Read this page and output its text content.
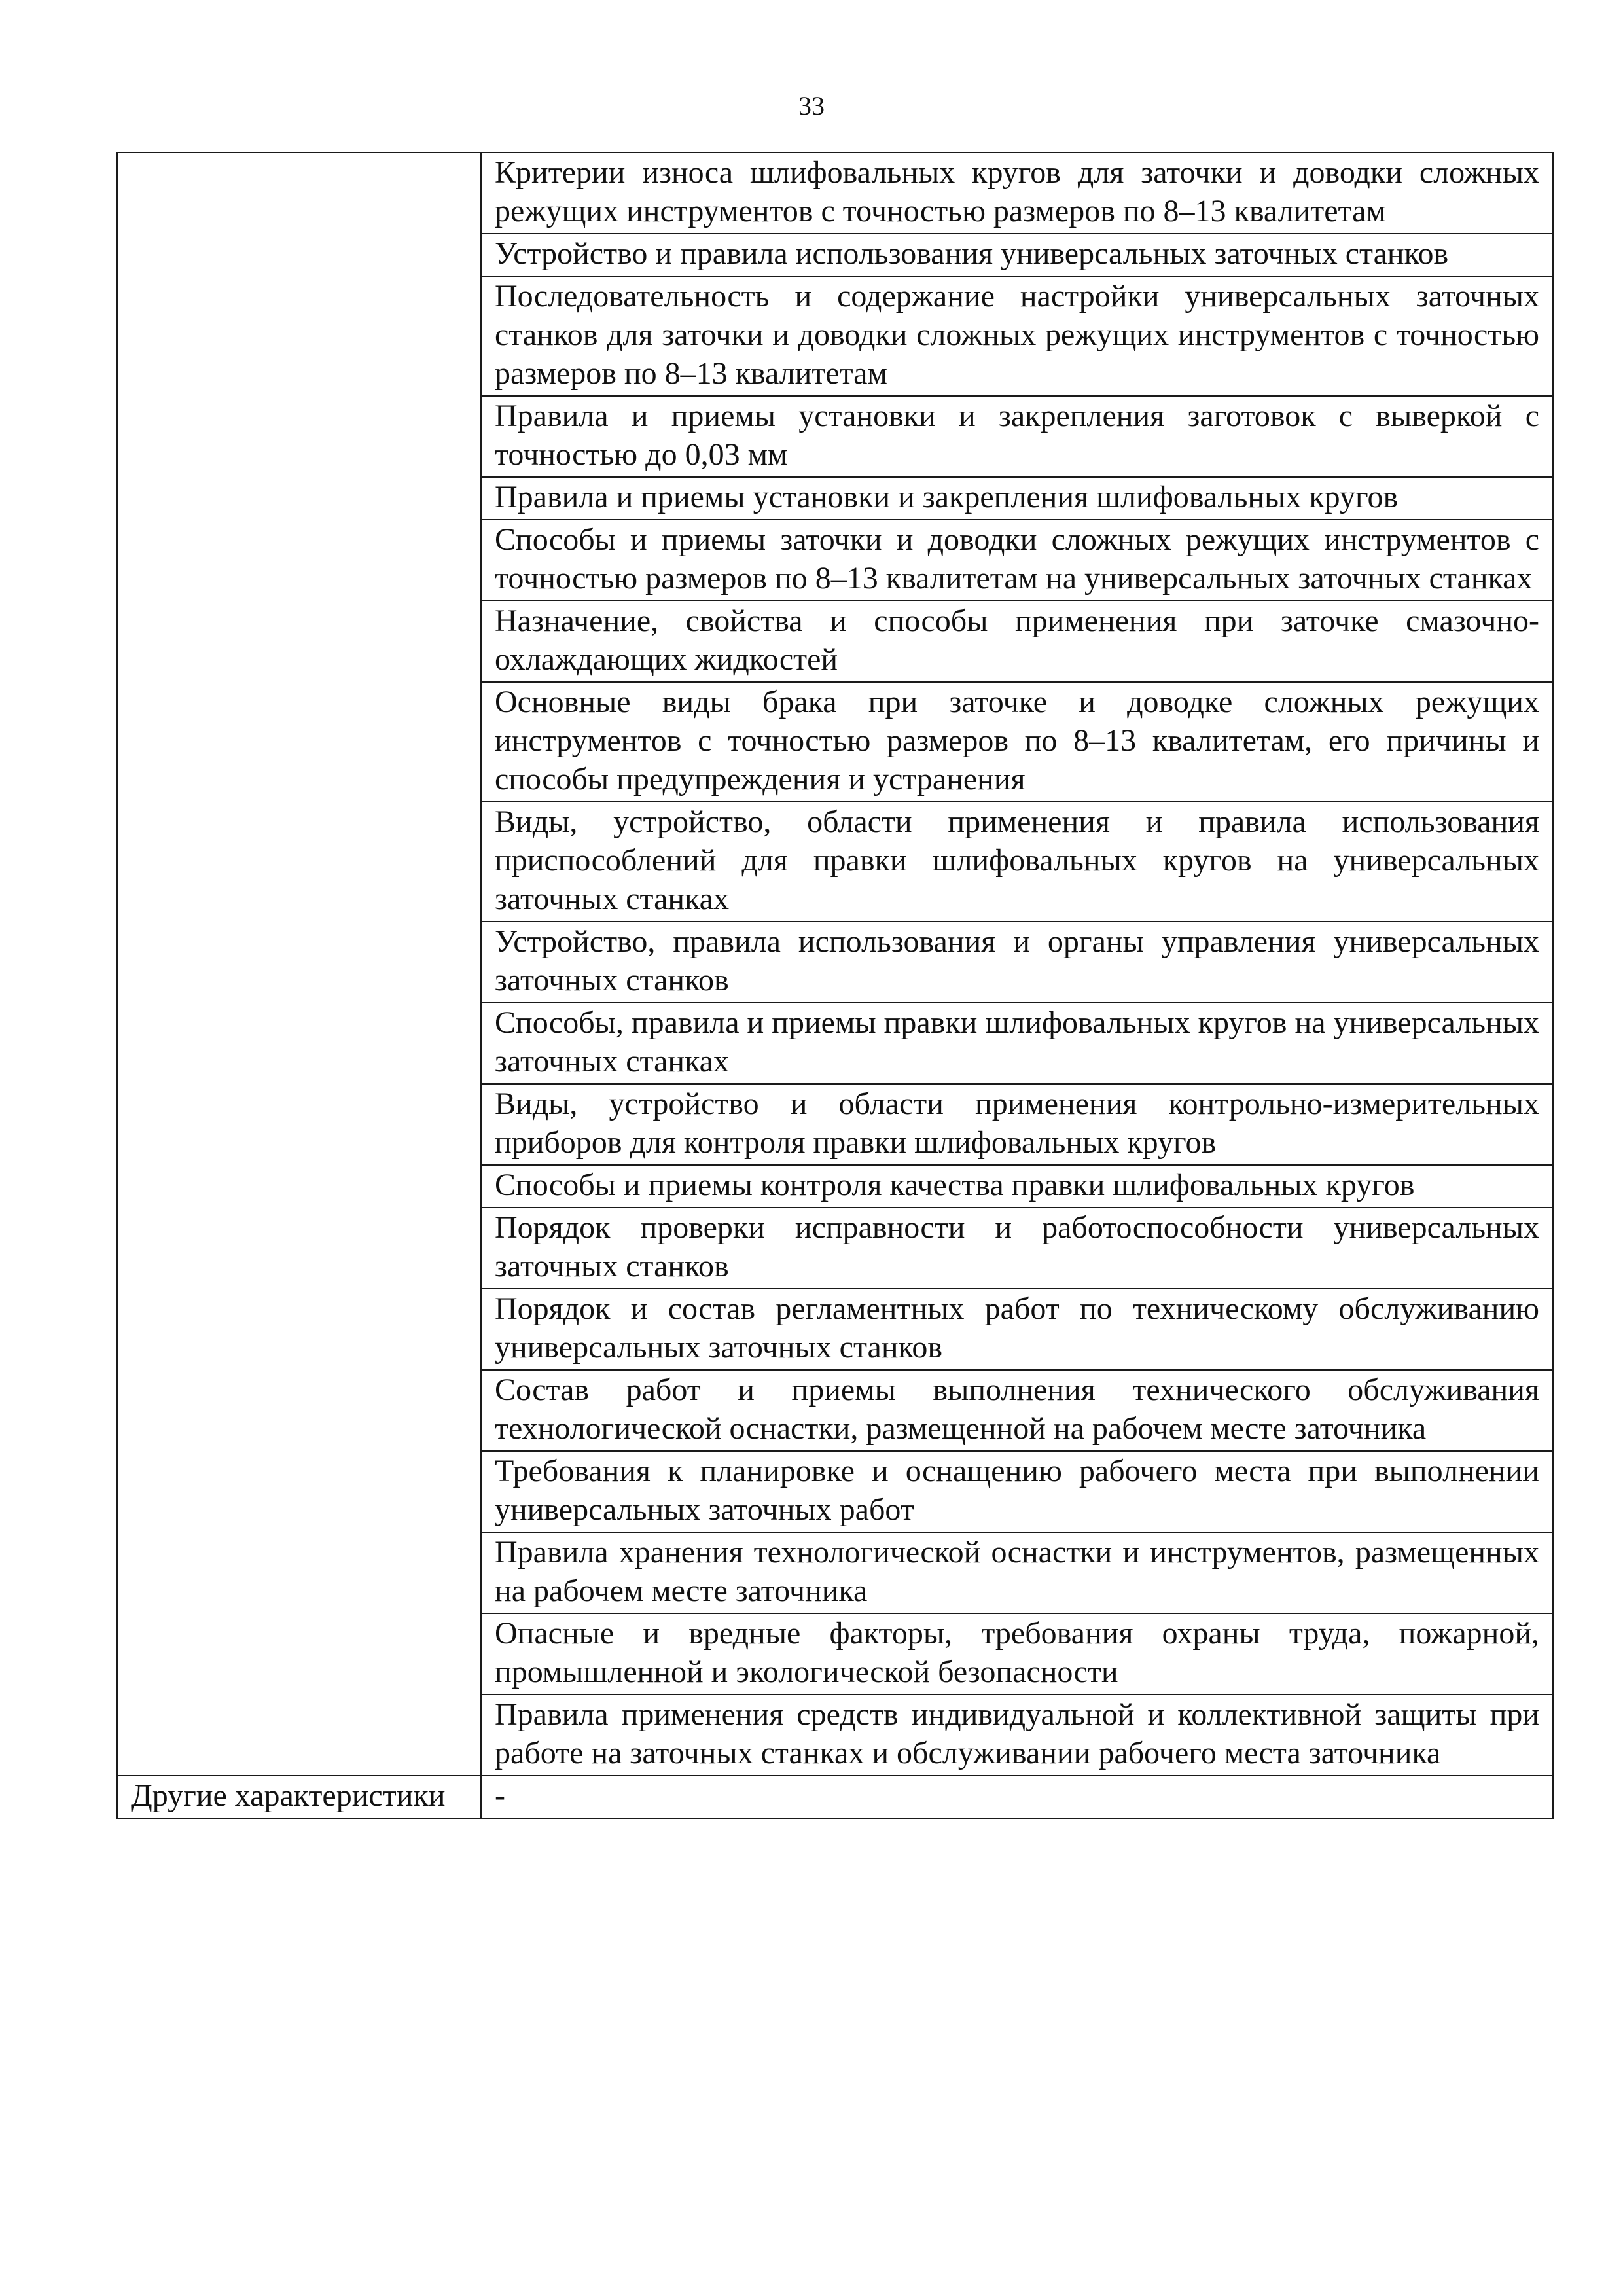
33
	Критерии износа шлифовальных кругов для заточки и доводки сложных режущих инструментов с точностью размеров по 8–13 квалитетам
	Устройство и правила использования универсальных заточных станков
	Последовательность и содержание настройки универсальных заточных станков для заточки и доводки сложных режущих инструментов с точностью размеров по 8–13 квалитетам
	Правила и приемы установки и закрепления заготовок с выверкой с точностью до 0,03 мм
	Правила и приемы установки и закрепления шлифовальных кругов
	Способы и приемы заточки и доводки сложных режущих инструментов с точностью размеров по 8–13 квалитетам на универсальных заточных станках
	Назначение, свойства и способы применения при заточке смазочно-охлаждающих жидкостей
	Основные виды брака при заточке и доводке сложных режущих инструментов с точностью размеров по 8–13 квалитетам, его причины и способы предупреждения и устранения
	Виды, устройство, области применения и правила использования приспособлений для правки шлифовальных кругов на универсальных заточных станках
	Устройство, правила использования и органы управления универсальных заточных станков
	Способы, правила и приемы правки шлифовальных кругов на универсальных заточных станках
	Виды, устройство и области применения контрольно-измерительных приборов для контроля правки шлифовальных кругов
	Способы и приемы контроля качества правки шлифовальных кругов
	Порядок проверки исправности и работоспособности универсальных заточных станков
	Порядок и состав регламентных работ по техническому обслуживанию универсальных заточных станков
	Состав работ и приемы выполнения технического обслуживания технологической оснастки, размещенной на рабочем месте заточника
	Требования к планировке и оснащению рабочего места при выполнении универсальных заточных работ
	Правила хранения технологической оснастки и инструментов, размещенных на рабочем месте заточника
	Опасные и вредные факторы, требования охраны труда, пожарной, промышленной и экологической безопасности
	Правила применения средств индивидуальной и коллективной защиты при работе на заточных станках и обслуживании рабочего места заточника
Другие характеристики	-
